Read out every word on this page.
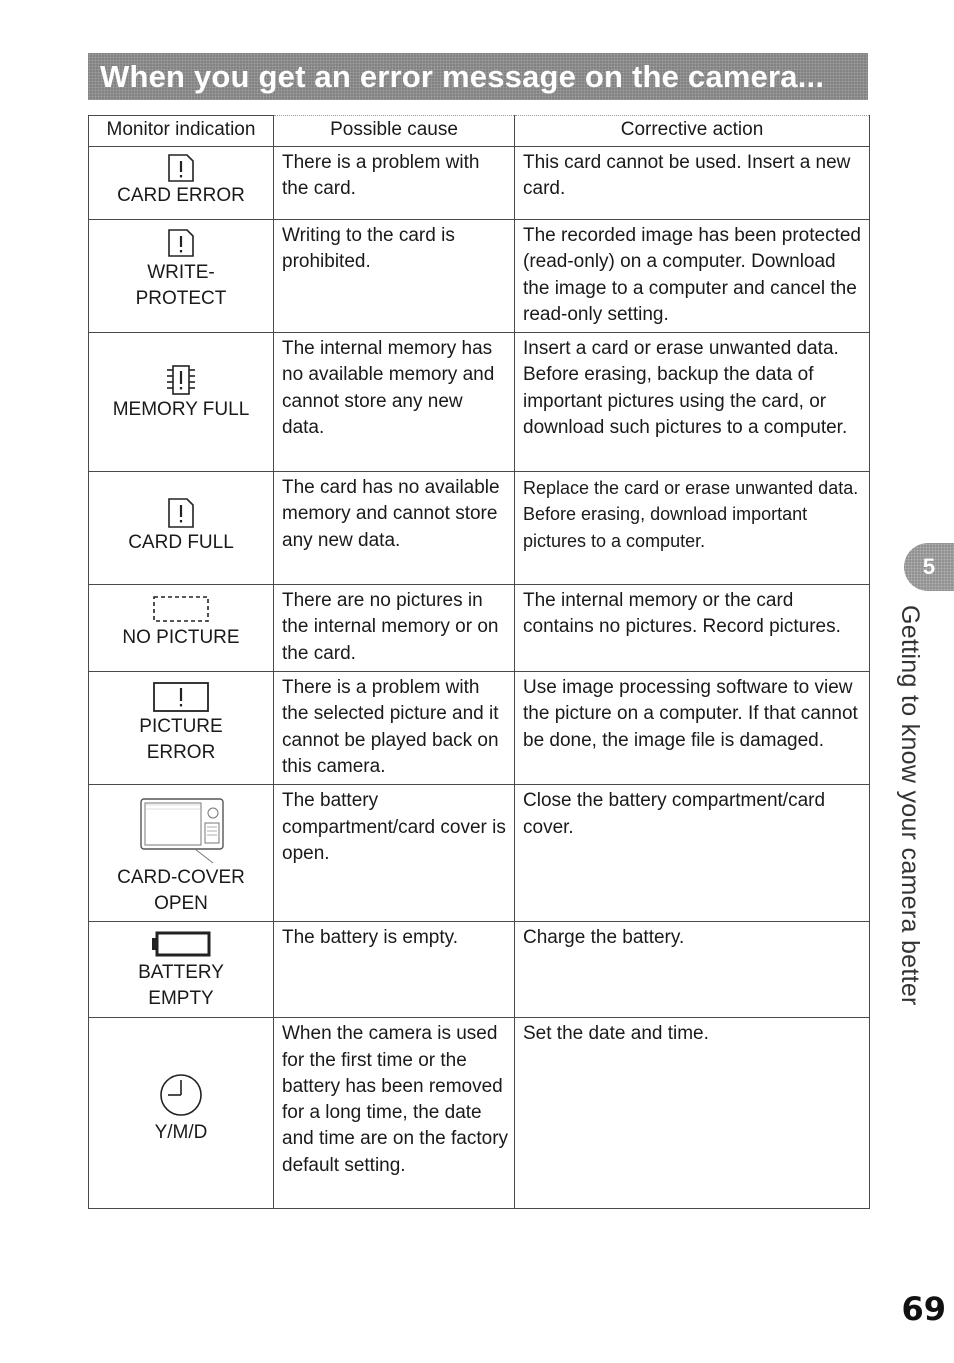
When you get an error message on the camera...
Monitor indication	Possible cause	Corrective action

CARD ERROR	There is a problem with the card.	This card cannot be used. Insert a new card.

WRITE-
PROTECT	Writing to the card is prohibited.	The recorded image has been protected (read-only) on a computer. Download the image to a computer and cancel the read-only setting.

MEMORY FULL	The internal memory has no available memory and cannot store any new data.	Insert a card or erase unwanted data. Before erasing, backup the data of important pictures using the card, or download such pictures to a computer.

CARD FULL	The card has no available memory and cannot store any new data.	Replace the card or erase unwanted data. Before erasing, download important pictures to a computer.

NO PICTURE	There are no pictures in the internal memory or on the card.	The internal memory or the card contains no pictures. Record pictures.

PICTURE
ERROR	There is a problem with the selected picture and it cannot be played back on this camera.	Use image processing software to view the picture on a computer. If that cannot be done, the image file is damaged.

CARD-COVER
OPEN	The battery compartment/card cover is open.	Close the battery compartment/card cover.

BATTERY
EMPTY	The battery is empty.	Charge the battery.

Y/M/D	When the camera is used for the first time or the battery has been removed for a long time, the date and time are on the factory default setting.	Set the date and time.
5
Getting to know your camera better
69
